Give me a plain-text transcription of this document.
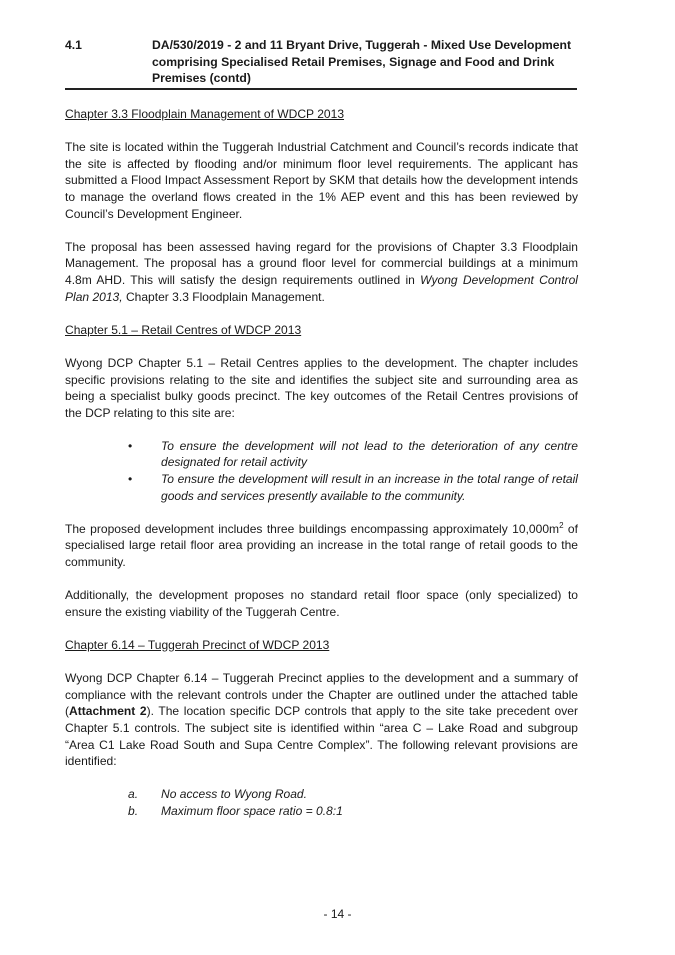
4.1	DA/530/2019 - 2 and 11 Bryant Drive, Tuggerah - Mixed Use Development comprising Specialised Retail Premises, Signage and Food and Drink Premises (contd)

Chapter 3.3 Floodplain Management of WDCP 2013

The site is located within the Tuggerah Industrial Catchment and Council’s records indicate that the site is affected by flooding and/or minimum floor level requirements. The applicant has submitted a Flood Impact Assessment Report by SKM that details how the development intends to manage the overland flows created in the 1% AEP event and this has been reviewed by Council’s Development Engineer.

The proposal has been assessed having regard for the provisions of Chapter 3.3 Floodplain Management. The proposal has a ground floor level for commercial buildings at a minimum 4.8m AHD. This will satisfy the design requirements outlined in Wyong Development Control Plan 2013, Chapter 3.3 Floodplain Management.

Chapter 5.1 – Retail Centres of WDCP 2013

Wyong DCP Chapter 5.1 – Retail Centres applies to the development. The chapter includes specific provisions relating to the site and identifies the subject site and surrounding area as being a specialist bulky goods precinct. The key outcomes of the Retail Centres provisions of the DCP relating to this site are:

• To ensure the development will not lead to the deterioration of any centre designated for retail activity
• To ensure the development will result in an increase in the total range of retail goods and services presently available to the community.

The proposed development includes three buildings encompassing approximately $10,000m^2$ of specialised large retail floor area providing an increase in the total range of retail goods to the community.

Additionally, the development proposes no standard retail floor space (only specialized) to ensure the existing viability of the Tuggerah Centre.

Chapter 6.14 – Tuggerah Precinct of WDCP 2013

Wyong DCP Chapter 6.14 – Tuggerah Precinct applies to the development and a summary of compliance with the relevant controls under the Chapter are outlined under the attached table (Attachment 2). The location specific DCP controls that apply to the site take precedent over Chapter 5.1 controls. The subject site is identified within “area C – Lake Road and subgroup “Area C1 Lake Road South and Supa Centre Complex”. The following relevant provisions are identified:

a. No access to Wyong Road.
b. Maximum floor space ratio = 0.8:1
- 14 -
